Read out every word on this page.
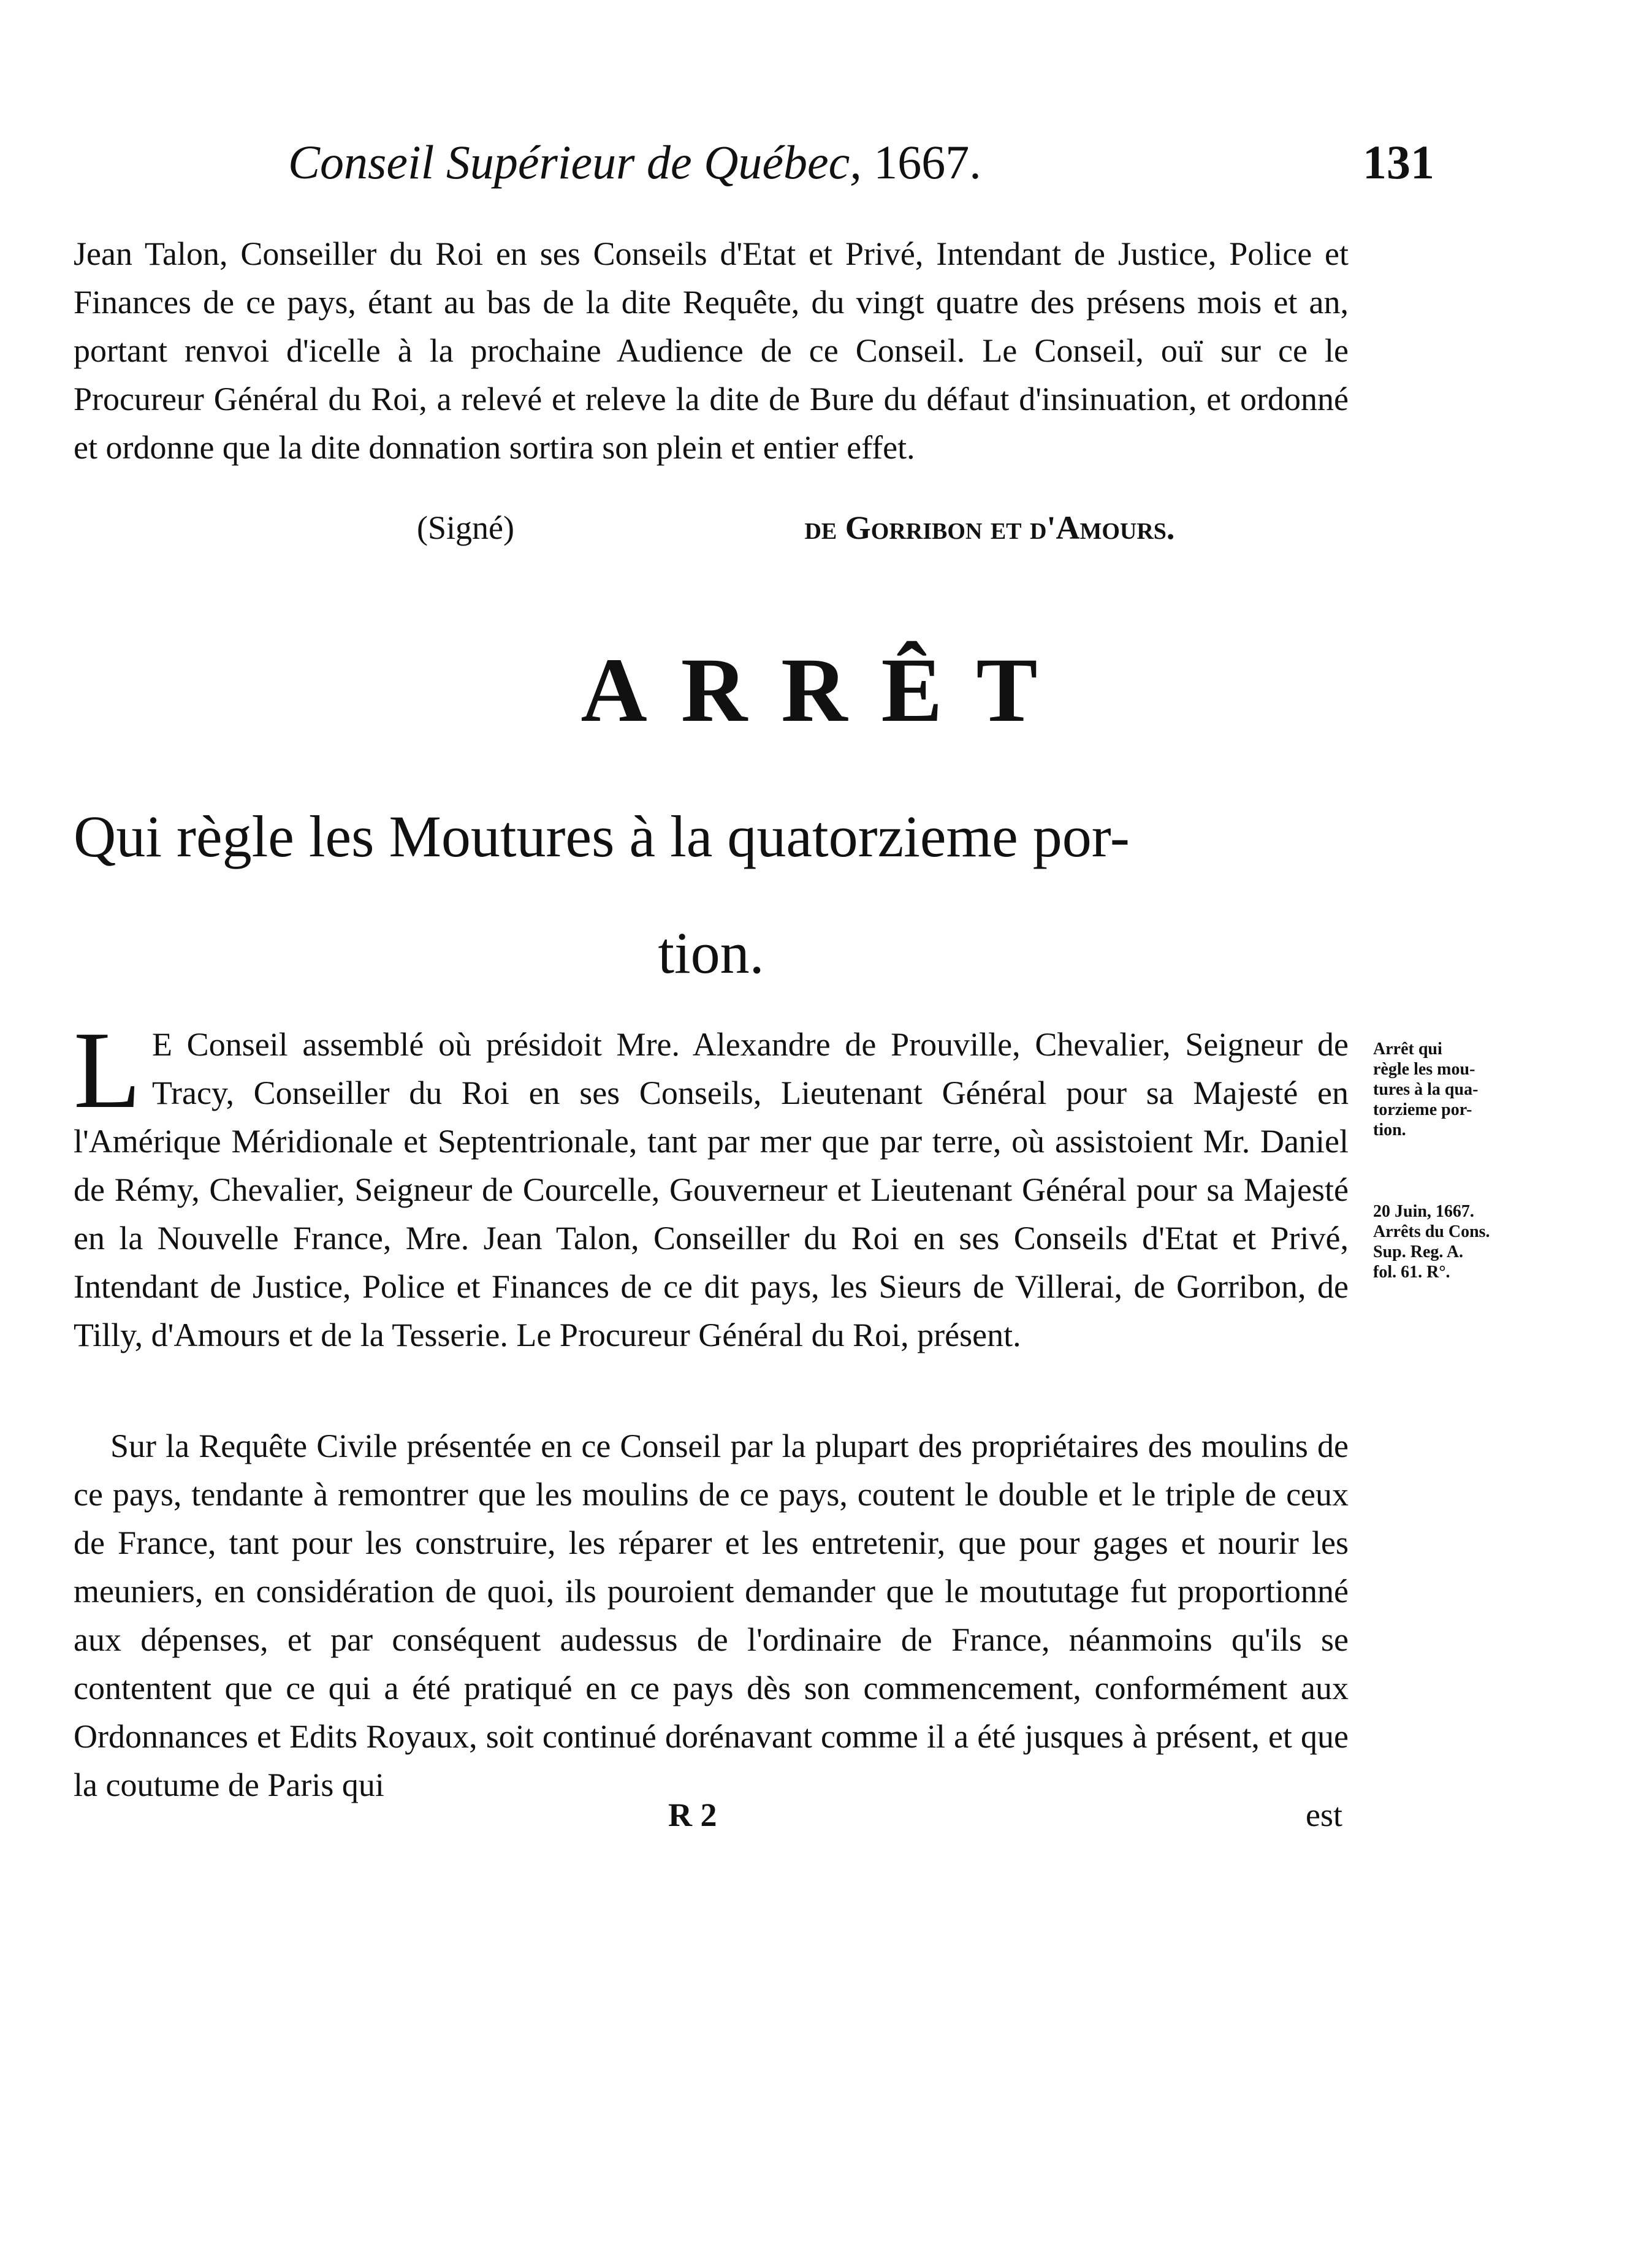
Conseil Supérieur de Québec, 1667.	131

Jean Talon, Conseiller du Roi en ses Conseils d'Etat et Privé, Intendant de Justice, Police et Finances de ce pays, étant au bas de la dite Requête, du vingt quatre des présens mois et an, portant renvoi d'icelle à la prochaine Audience de ce Conseil. Le Conseil, ouï sur ce le Procureur Général du Roi, a relevé et releve la dite de Bure du défaut d'insinuation, et ordonné et ordonne que la dite donnation sortira son plein et entier effet.

(Signé)	de Gorribon et d'Amours.
ARRÊT
Qui règle les Moutures à la quatorzieme por-
tion.
L E Conseil assemblé où présidoit Mre. Alexandre de Prouville, Chevalier, Seigneur de Tracy, Conseiller du Roi en ses Conseils, Lieutenant Général pour sa Majesté en l'Amérique Méridionale et Septentrionale, tant par mer que par terre, où assistoient Mr. Daniel de Rémy, Chevalier, Seigneur de Courcelle, Gouverneur et Lieutenant Général pour sa Majesté en la Nouvelle France, Mre. Jean Talon, Conseiller du Roi en ses Conseils d'Etat et Privé, Intendant de Justice, Police et Finances de ce dit pays, les Sieurs de Villerai, de Gorribon, de Tilly, d'Amours et de la Tesserie. Le Procureur Général du Roi, présent.

Sur la Requête Civile présentée en ce Conseil par la plupart des propriétaires des moulins de ce pays, tendante à remontrer que les moulins de ce pays, coutent le double et le triple de ceux de France, tant pour les construire, les réparer et les entretenir, que pour gages et nourir les meuniers, en considération de quoi, ils pouroient demander que le moututage fut proportionné aux dépenses, et par conséquent audessus de l'ordinaire de France, néanmoins qu'ils se contentent que ce qui a été pratiqué en ce pays dès son commencement, conformément aux Ordonnances et Edits Royaux, soit continué dorénavant comme il a été jusques à présent, et que la coutume de Paris qui

R 2	est
Arrêt qui
règle les mou-
tures à la qua-
torzieme por-
tion.
20 Juin, 1667.
Arrêts du Cons.
Sup. Reg. A.
fol. 61. R°.
